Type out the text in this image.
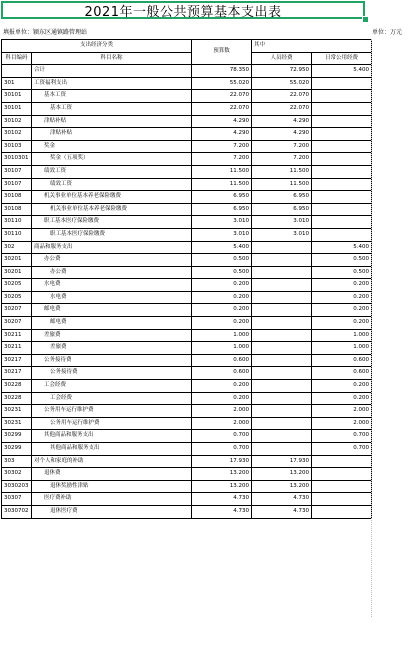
2021年一般公共预算基本支出表
填报单位：颍东区通镇路管理站	单位：万元
支出经济分类		预算数	其中	
科目编码	科目名称		人员经费	日常公用经费
	合计	78.350	72.950	5.400
301	工资福利支出	55.020	55.020	
30101	基本工资	22.070	22.070	
30101	基本工资	22.070	22.070	
30102	津贴补贴	4.290	4.290	
30102	津贴补贴	4.290	4.290	
30103	奖金	7.200	7.200	
3010301	奖金（五项奖）	7.200	7.200	
30107	绩效工资	11.500	11.500	
30107	绩效工资	11.500	11.500	
30108	机关事业单位基本养老保险缴费	6.950	6.950	
30108	机关事业单位基本养老保险缴费	6.950	6.950	
30110	职工基本医疗保险缴费	3.010	3.010	
30110	职工基本医疗保险缴费	3.010	3.010	
302	商品和服务支出	5.400		5.400
30201	办公费	0.500		0.500
30201	办公费	0.500		0.500
30205	水电费	0.200		0.200
30205	水电费	0.200		0.200
30207	邮电费	0.200		0.200
30207	邮电费	0.200		0.200
30211	差旅费	1.000		1.000
30211	差旅费	1.000		1.000
30217	公务接待费	0.600		0.600
30217	公务接待费	0.600		0.600
30228	工会经费	0.200		0.200
30228	工会经费	0.200		0.200
30231	公务用车运行维护费	2.000		2.000
30231	公务用车运行维护费	2.000		2.000
30299	其他商品和服务支出	0.700		0.700
30299	其他商品和服务支出	0.700		0.700
303	对个人和家庭的补助	17.930	17.930	
30302	退休费	13.200	13.200	
3030203	退休奖励性津贴	13.200	13.200	
30307	医疗费补助	4.730	4.730	
3030702	退休医疗费	4.730	4.730	
